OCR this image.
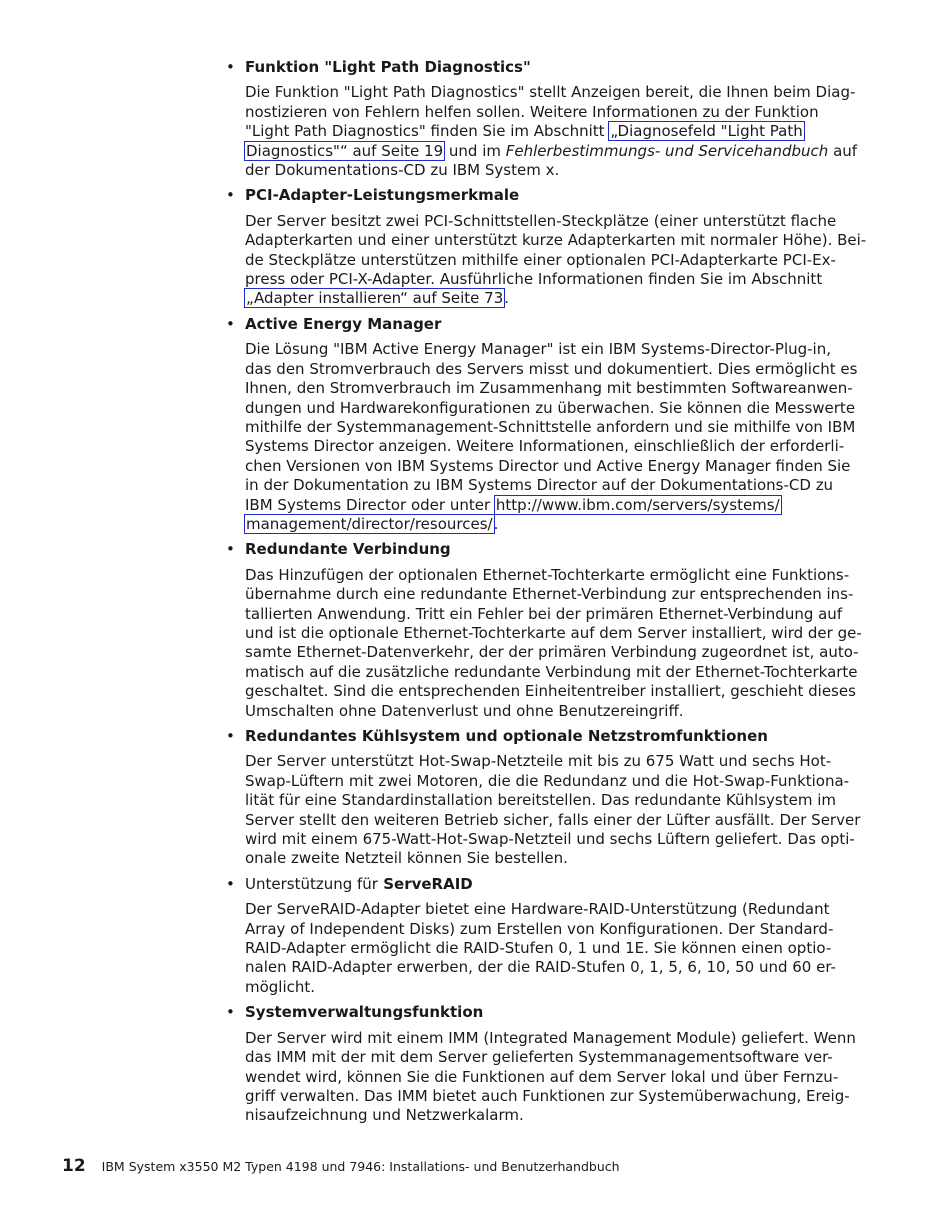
• Funktion "Light Path Diagnostics"

Die Funktion "Light Path Diagnostics" stellt Anzeigen bereit, die Ihnen beim Diag-

nostizieren von Fehlern helfen sollen. Weitere Informationen zu der Funktion

"Light Path Diagnostics" finden Sie im Abschnitt „Diagnosefeld "Light Path

Diagnostics"“ auf Seite 19 und im Fehlerbestimmungs- und Servicehandbuch auf

der Dokumentations-CD zu IBM System x.

• PCI-Adapter-Leistungsmerkmale

Der Server besitzt zwei PCI-Schnittstellen-Steckplätze (einer unterstützt flache

Adapterkarten und einer unterstützt kurze Adapterkarten mit normaler Höhe). Bei-

de Steckplätze unterstützen mithilfe einer optionalen PCI-Adapterkarte PCI-Ex-

press oder PCI-X-Adapter. Ausführliche Informationen finden Sie im Abschnitt

„Adapter installieren“ auf Seite 73.

• Active Energy Manager

Die Lösung "IBM Active Energy Manager" ist ein IBM Systems-Director-Plug-in,

das den Stromverbrauch des Servers misst und dokumentiert. Dies ermöglicht es

Ihnen, den Stromverbrauch im Zusammenhang mit bestimmten Softwareanwen-

dungen und Hardwarekonfigurationen zu überwachen. Sie können die Messwerte

mithilfe der Systemmanagement-Schnittstelle anfordern und sie mithilfe von IBM

Systems Director anzeigen. Weitere Informationen, einschließlich der erforderli-

chen Versionen von IBM Systems Director und Active Energy Manager finden Sie

in der Dokumentation zu IBM Systems Director auf der Dokumentations-CD zu

IBM Systems Director oder unter http://www.ibm.com/servers/systems/

management/director/resources/.

• Redundante Verbindung

Das Hinzufügen der optionalen Ethernet-Tochterkarte ermöglicht eine Funktions-

übernahme durch eine redundante Ethernet-Verbindung zur entsprechenden ins-

tallierten Anwendung. Tritt ein Fehler bei der primären Ethernet-Verbindung auf

und ist die optionale Ethernet-Tochterkarte auf dem Server installiert, wird der ge-

samte Ethernet-Datenverkehr, der der primären Verbindung zugeordnet ist, auto-

matisch auf die zusätzliche redundante Verbindung mit der Ethernet-Tochterkarte

geschaltet. Sind die entsprechenden Einheitentreiber installiert, geschieht dieses

Umschalten ohne Datenverlust und ohne Benutzereingriff.

• Redundantes Kühlsystem und optionale Netzstromfunktionen

Der Server unterstützt Hot-Swap-Netzteile mit bis zu 675 Watt und sechs Hot-

Swap-Lüftern mit zwei Motoren, die die Redundanz und die Hot-Swap-Funktiona-

lität für eine Standardinstallation bereitstellen. Das redundante Kühlsystem im

Server stellt den weiteren Betrieb sicher, falls einer der Lüfter ausfällt. Der Server

wird mit einem 675-Watt-Hot-Swap-Netzteil und sechs Lüftern geliefert. Das opti-

onale zweite Netzteil können Sie bestellen.

• Unterstützung für ServeRAID

Der ServeRAID-Adapter bietet eine Hardware-RAID-Unterstützung (Redundant

Array of Independent Disks) zum Erstellen von Konfigurationen. Der Standard-

RAID-Adapter ermöglicht die RAID-Stufen 0, 1 und 1E. Sie können einen optio-

nalen RAID-Adapter erwerben, der die RAID-Stufen 0, 1, 5, 6, 10, 50 und 60 er-

möglicht.

• Systemverwaltungsfunktion

Der Server wird mit einem IMM (Integrated Management Module) geliefert. Wenn

das IMM mit der mit dem Server gelieferten Systemmanagementsoftware ver-

wendet wird, können Sie die Funktionen auf dem Server lokal und über Fernzu-

griff verwalten. Das IMM bietet auch Funktionen zur Systemüberwachung, Ereig-

nisaufzeichnung und Netzwerkalarm.

12 IBM System x3550 M2 Typen 4198 und 7946: Installations- und Benutzerhandbuch
